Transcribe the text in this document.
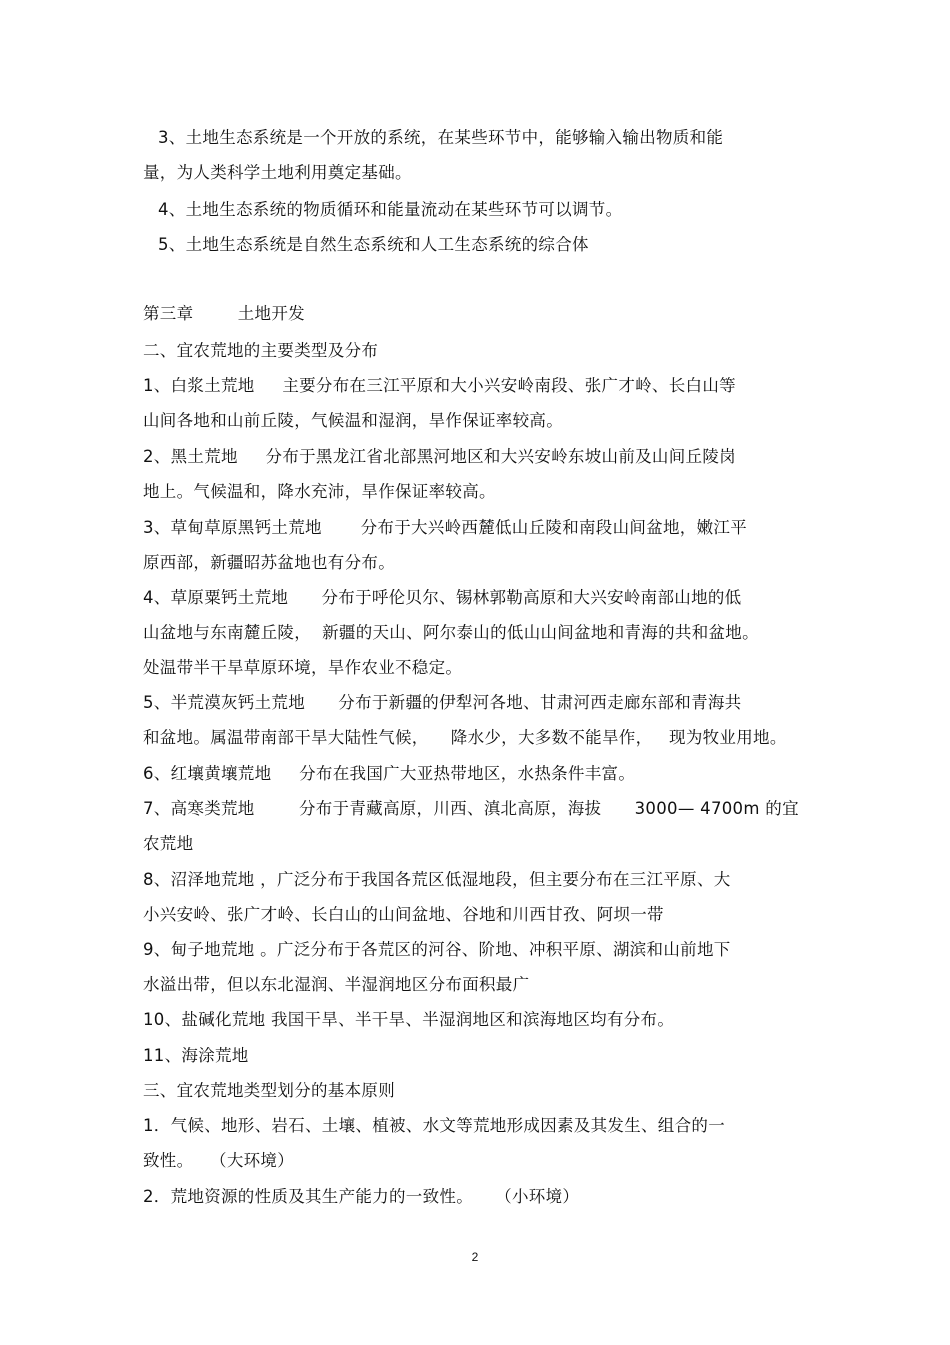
3、土地生态系统是一个开放的系统，在某些环节中，能够输入输出物质和能
量，为人类科学土地利用奠定基础。
4、土地生态系统的物质循环和能量流动在某些环节可以调节。
5、土地生态系统是自然生态系统和人工生态系统的综合体
第三章        土地开发
二、宜农荒地的主要类型及分布
1、白浆土荒地     主要分布在三江平原和大小兴安岭南段、张广才岭、长白山等
山间各地和山前丘陵，气候温和湿润，旱作保证率较高。
2、黑土荒地     分布于黑龙江省北部黑河地区和大兴安岭东坡山前及山间丘陵岗
地上。气候温和，降水充沛，旱作保证率较高。
3、草甸草原黑钙土荒地       分布于大兴岭西麓低山丘陵和南段山间盆地，嫩江平
原西部，新疆昭苏盆地也有分布。
4、草原粟钙土荒地      分布于呼伦贝尔、锡林郭勒高原和大兴安岭南部山地的低
山盆地与东南麓丘陵，  新疆的天山、阿尔泰山的低山山间盆地和青海的共和盆地。
处温带半干旱草原环境，旱作农业不稳定。
5、半荒漠灰钙土荒地      分布于新疆的伊犁河各地、甘肃河西走廊东部和青海共
和盆地。属温带南部干旱大陆性气候，    降水少，大多数不能旱作，   现为牧业用地。
6、红壤黄壤荒地     分布在我国广大亚热带地区，水热条件丰富。
7、高寒类荒地        分布于青藏高原，川西、滇北高原，海拔      3000— 4700m 的宜
农荒地
8、沼泽地荒地 ，广泛分布于我国各荒区低湿地段，但主要分布在三江平原、大
小兴安岭、张广才岭、长白山的山间盆地、谷地和川西甘孜、阿坝一带
9、甸子地荒地 。广泛分布于各荒区的河谷、阶地、冲积平原、湖滨和山前地下
水溢出带，但以东北湿润、半湿润地区分布面积最广
10、盐碱化荒地 我国干旱、半干旱、半湿润地区和滨海地区均有分布。
11、海涂荒地
三、宜农荒地类型划分的基本原则
1．气候、地形、岩石、土壤、植被、水文等荒地形成因素及其发生、组合的一
致性。   （大环境）
2．荒地资源的性质及其生产能力的一致性。    （小环境）
2
